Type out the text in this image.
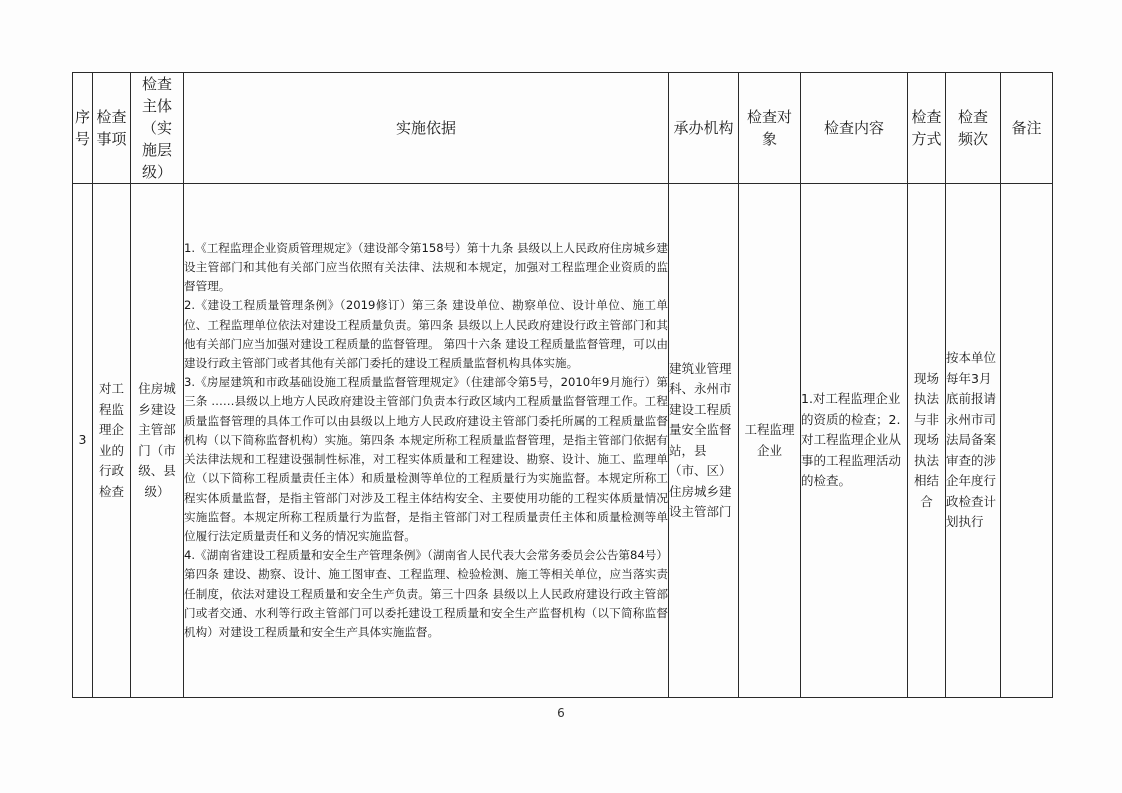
序号	检查事项	检查主体（实施层级）	实施依据	承办机构	检查对象	检查内容	检查方式	检查频次	备注
3	对工程监理企业的行政检查	住房城乡建设主管部门（市级、县级）	1.《工程监理企业资质管理规定》（建设部令第158号）第十九条 县级以上人民政府住房城乡建设主管部门和其他有关部门应当依照有关法律、法规和本规定，加强对工程监理企业资质的监督管理。

2.《建设工程质量管理条例》（2019修订）第三条 建设单位、勘察单位、设计单位、施工单位、工程监理单位依法对建设工程质量负责。第四条 县级以上人民政府建设行政主管部门和其他有关部门应当加强对建设工程质量的监督管理。 第四十六条 建设工程质量监督管理，可以由建设行政主管部门或者其他有关部门委托的建设工程质量监督机构具体实施。

3.《房屋建筑和市政基础设施工程质量监督管理规定》（住建部令第5号，2010年9月施行）第三条 ……县级以上地方人民政府建设主管部门负责本行政区域内工程质量监督管理工作。工程质量监督管理的具体工作可以由县级以上地方人民政府建设主管部门委托所属的工程质量监督机构（以下简称监督机构）实施。第四条 本规定所称工程质量监督管理，是指主管部门依据有关法律法规和工程建设强制性标准，对工程实体质量和工程建设、勘察、设计、施工、监理单位（以下简称工程质量责任主体）和质量检测等单位的工程质量行为实施监督。本规定所称工程实体质量监督，是指主管部门对涉及工程主体结构安全、主要使用功能的工程实体质量情况实施监督。本规定所称工程质量行为监督，是指主管部门对工程质量责任主体和质量检测等单位履行法定质量责任和义务的情况实施监督。

4.《湖南省建设工程质量和安全生产管理条例》（湖南省人民代表大会常务委员会公告第84号）第四条 建设、勘察、设计、施工图审查、工程监理、检验检测、施工等相关单位，应当落实责任制度，依法对建设工程质量和安全生产负责。第三十四条 县级以上人民政府建设行政主管部门或者交通、水利等行政主管部门可以委托建设工程质量和安全生产监督机构（以下简称监督机构）对建设工程质量和安全生产具体实施监督。	建筑业管理科、永州市建设工程质量安全监督站，县（市、区）住房城乡建设主管部门	工程监理企业	1.对工程监理企业的资质的检查；2.对工程监理企业从事的工程监理活动的检查。	现场执法与非现场执法相结合	按本单位每年3月底前报请永州市司法局备案审查的涉企年度行政检查计划执行	
6
